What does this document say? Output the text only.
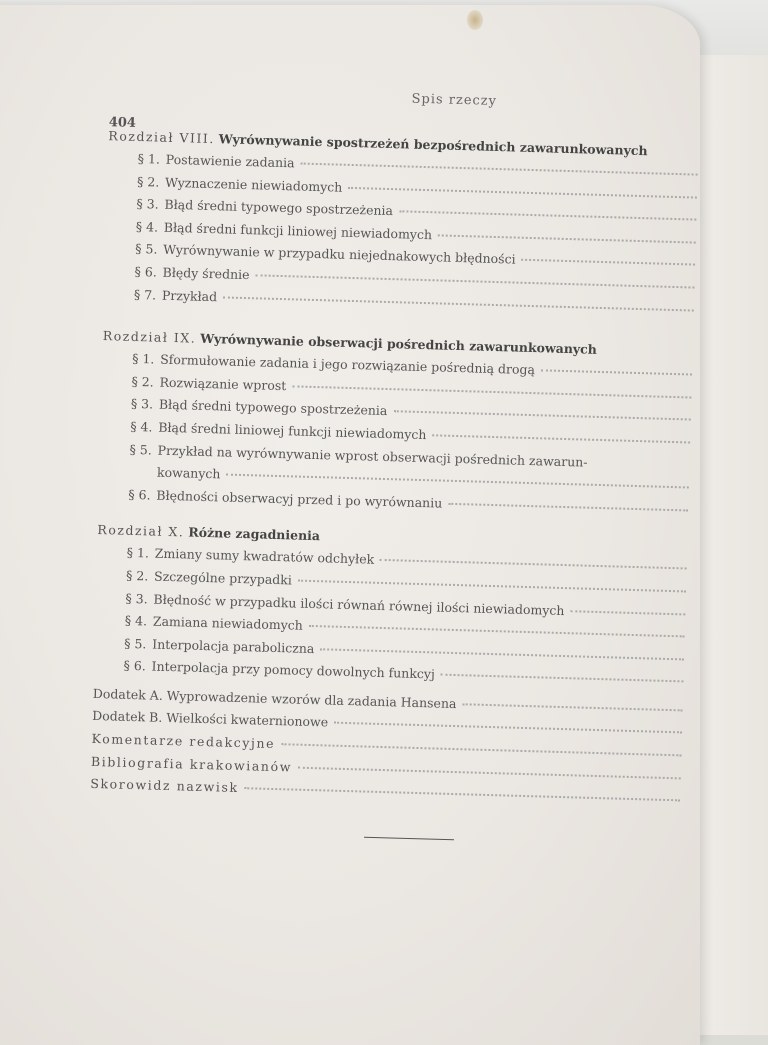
Spis rzeczy
404
Rozdział VIII. Wyrównywanie spostrzeżeń bezpośrednich zawarunkowanych
§ 1. Postawienie zadania
§ 2. Wyznaczenie niewiadomych
§ 3. Błąd średni typowego spostrzeżenia
§ 4. Błąd średni funkcji liniowej niewiadomych
§ 5. Wyrównywanie w przypadku niejednakowych błędności
§ 6. Błędy średnie
§ 7. Przykład
Rozdział IX. Wyrównywanie obserwacji pośrednich zawarunkowanych
§ 1. Sformułowanie zadania i jego rozwiązanie pośrednią drogą
§ 2. Rozwiązanie wprost
§ 3. Błąd średni typowego spostrzeżenia
§ 4. Błąd średni liniowej funkcji niewiadomych
§ 5. Przykład na wyrównywanie wprost obserwacji pośrednich zawarun-
kowanych
§ 6. Błędności obserwacyj przed i po wyrównaniu
Rozdział X. Różne zagadnienia
§ 1. Zmiany sumy kwadratów odchyłek
§ 2. Szczególne przypadki
§ 3. Błędność w przypadku ilości równań równej ilości niewiadomych
§ 4. Zamiana niewiadomych
§ 5. Interpolacja paraboliczna
§ 6. Interpolacja przy pomocy dowolnych funkcyj
Dodatek A. Wyprowadzenie wzorów dla zadania Hansena
Dodatek B. Wielkości kwaternionowe
Komentarze redakcyjne
Bibliografia krakowianów
Skorowidz nazwisk
